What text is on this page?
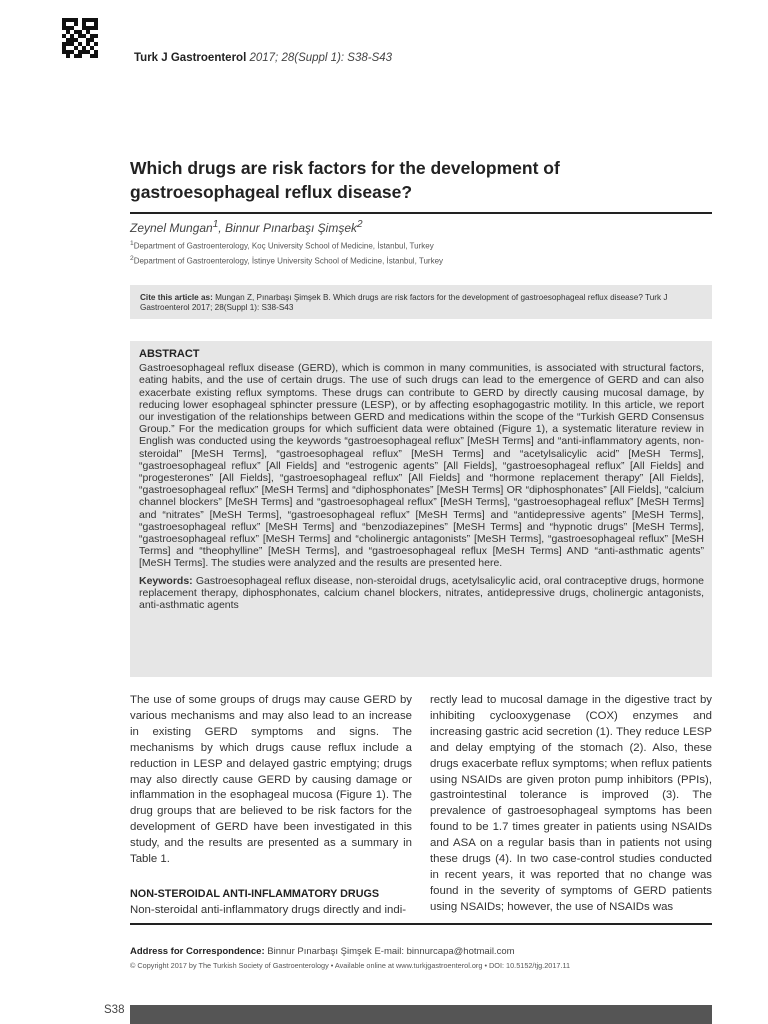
Turk J Gastroenterol 2017; 28(Suppl 1): S38-S43
Which drugs are risk factors for the development of
gastroesophageal reflux disease?
Zeynel Mungan$^1$, Binnur Pınarbaşı Şimşek$^2$
$^1$Department of Gastroenterology, Koç University School of Medicine, İstanbul, Turkey
$^2$Department of Gastroenterology, İstinye University School of Medicine, İstanbul, Turkey
Cite this article as: Mungan Z, Pınarbaşı Şimşek B. Which drugs are risk factors for the development of gastroesophageal reflux disease? Turk J Gastroenterol 2017; 28(Suppl 1): S38-S43
ABSTRACT

Gastroesophageal reflux disease (GERD), which is common in many communities, is associated with structural factors, eating habits, and the use of certain drugs. The use of such drugs can lead to the emergence of GERD and can also exacerbate existing reflux symptoms. These drugs can contribute to GERD by directly causing mucosal damage, by reducing lower esophageal sphincter pressure (LESP), or by affecting esophagogastric motility. In this article, we report our investigation of the relationships between GERD and medications within the scope of the “Turkish GERD Consensus Group.” For the medication groups for which sufficient data were obtained (Figure 1), a systematic literature review in English was conducted using the keywords “gastroesophageal reflux” [MeSH Terms] and “anti-inflammatory agents, non-steroidal” [MeSH Terms], “gastroesophageal reflux” [MeSH Terms] and “acetylsalicylic acid” [MeSH Terms], “gastroesophageal reflux” [All Fields] and “estrogenic agents” [All Fields], “gastroesophageal reflux” [All Fields] and “progesterones” [All Fields], “gastroesophageal reflux” [All Fields] and “hormone replacement therapy” [All Fields], “gastroesophageal reflux” [MeSH Terms] and “diphosphonates” [MeSH Terms] OR “diphosphonates” [All Fields], “calcium channel blockers” [MeSH Terms] and “gastroesophageal reflux” [MeSH Terms], “gastroesophageal reflux” [MeSH Terms] and “nitrates” [MeSH Terms], “gastroesophageal reflux” [MeSH Terms] and “antidepressive agents” [MeSH Terms], “gastroesophageal reflux” [MeSH Terms] and “benzodiazepines” [MeSH Terms] and “hypnotic drugs” [MeSH Terms], “gastroesophageal reflux” [MeSH Terms] and “cholinergic antagonists” [MeSH Terms], “gastroesophageal reflux” [MeSH Terms] and “theophylline” [MeSH Terms], and “gastroesophageal reflux [MeSH Terms] AND “anti-asthmatic agents” [MeSH Terms]. The studies were analyzed and the results are presented here.

Keywords: Gastroesophageal reflux disease, non-steroidal drugs, acetylsalicylic acid, oral contraceptive drugs, hormone replacement therapy, diphosphonates, calcium chanel blockers, nitrates, antidepressive drugs, cholinergic antagonists, anti-asthmatic agents

The use of some groups of drugs may cause GERD by various mechanisms and may also lead to an increase in existing GERD symptoms and signs. The mechanisms by which drugs cause reflux include a reduction in LESP and delayed gastric emptying; drugs may also directly cause GERD by causing damage or inflammation in the esophageal mucosa (Figure 1). The drug groups that are believed to be risk factors for the development of GERD have been investigated in this study, and the results are presented as a summary in Table 1.

NON-STEROIDAL ANTI-INFLAMMATORY DRUGS

Non-steroidal anti-inflammatory drugs directly and indi-

rectly lead to mucosal damage in the digestive tract by inhibiting cyclooxygenase (COX) enzymes and increasing gastric acid secretion (1). They reduce LESP and delay emptying of the stomach (2). Also, these drugs exacerbate reflux symptoms; when reflux patients using NSAIDs are given proton pump inhibitors (PPIs), gastrointestinal tolerance is improved (3). The prevalence of gastroesophageal symptoms has been found to be 1.7 times greater in patients using NSAIDs and ASA on a regular basis than in patients not using these drugs (4). In two case-control studies conducted in recent years, it was reported that no change was found in the severity of symptoms of GERD patients using NSAIDs; however, the use of NSAIDs was

Address for Correspondence: Binnur Pınarbaşı Şimşek E-mail: binnurcapa@hotmail.com
© Copyright 2017 by The Turkish Society of Gastroenterology • Available online at www.turkjgastroenterol.org • DOI: 10.5152/tjg.2017.11
S38
